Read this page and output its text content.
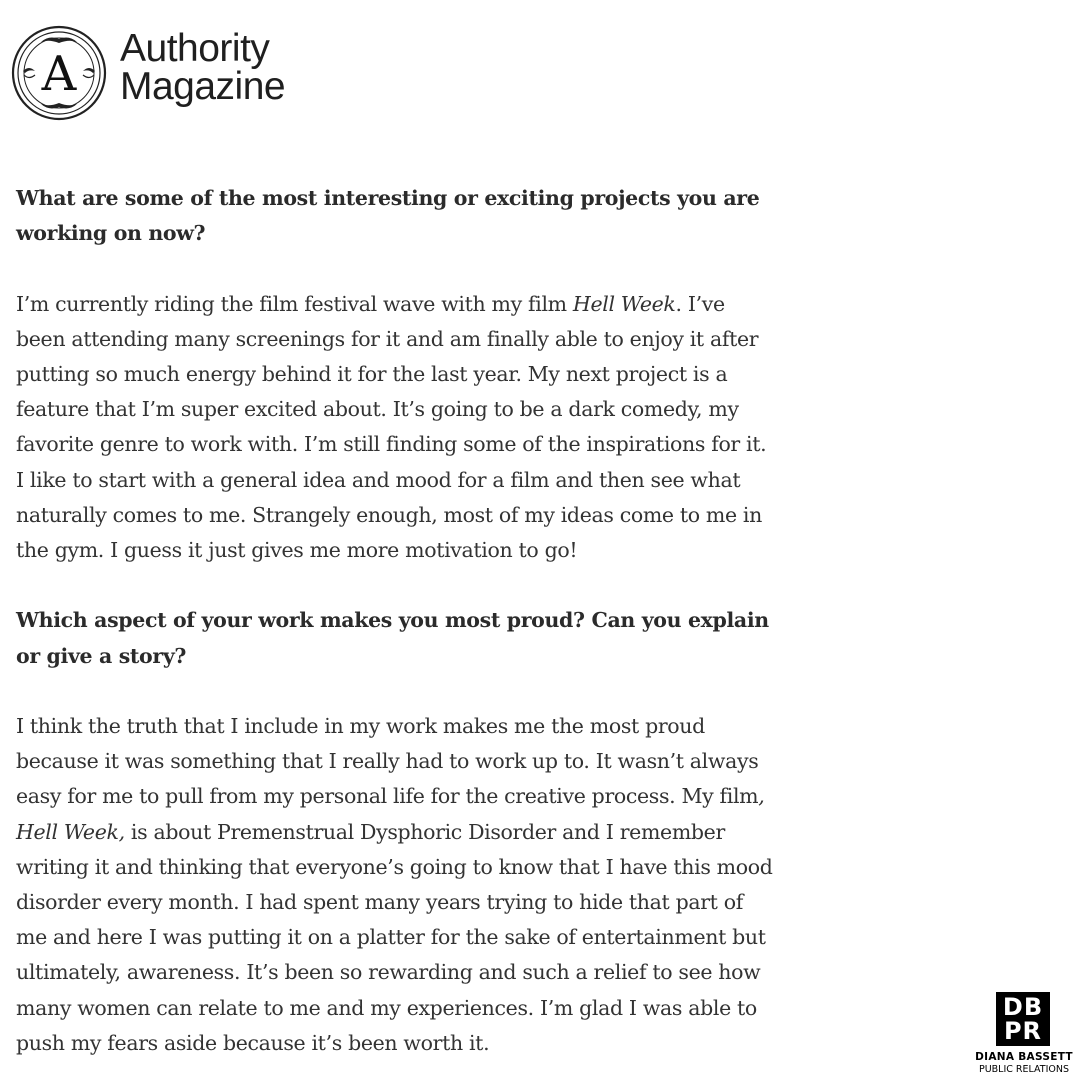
A Authority
Magazine
What are some of the most interesting or exciting projects you are working on now?

I’m currently riding the film festival wave with my film Hell Week. I’ve been attending many screenings for it and am finally able to enjoy it after putting so much energy behind it for the last year. My next project is a feature that I’m super excited about. It’s going to be a dark comedy, my favorite genre to work with. I’m still finding some of the inspirations for it. I like to start with a general idea and mood for a film and then see what naturally comes to me. Strangely enough, most of my ideas come to me in the gym. I guess it just gives me more motivation to go!

Which aspect of your work makes you most proud? Can you explain or give a story?

I think the truth that I include in my work makes me the most proud because it was something that I really had to work up to. It wasn’t always easy for me to pull from my personal life for the creative process. My film, Hell Week, is about Premenstrual Dysphoric Disorder and I remember writing it and thinking that everyone’s going to know that I have this mood disorder every month. I had spent many years trying to hide that part of me and here I was putting it on a platter for the sake of entertainment but ultimately, awareness. It’s been so rewarding and such a relief to see how many women can relate to me and my experiences. I’m glad I was able to push my fears aside because it’s been worth it.

DB
PR
DIANA BASSETT
PUBLIC RELATIONS
